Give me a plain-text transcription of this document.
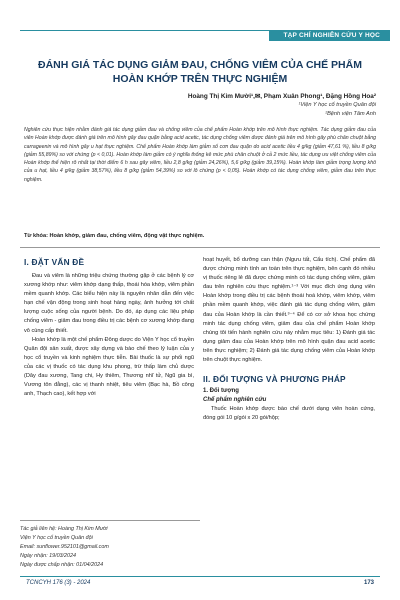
TẠP CHÍ NGHIÊN CỨU Y HỌC
ĐÁNH GIÁ TÁC DỤNG GIẢM ĐAU, CHỐNG VIÊM CỦA CHẾ PHẨM HOÀN KHỚP TRÊN THỰC NGHIỆM
Hoàng Thị Kim Mười¹,✉, Phạm Xuân Phong¹, Đặng Hồng Hoa²
¹Viện Y học cổ truyền Quân đội
²Bệnh viện Tâm Anh
Nghiên cứu thực hiện nhằm đánh giá tác dụng giảm đau và chống viêm của chế phẩm Hoàn khớp trên mô hình thực nghiệm. Tác dụng giảm đau của viên Hoàn khớp được đánh giá trên mô hình gây đau quặn bằng acid acetic, tác dụng chống viêm được đánh giá trên mô hình gây phù chân chuột bằng carrageenin và mô hình gây u hạt thực nghiệm. Chế phẩm Hoàn khớp làm giảm số cơn đau quặn do acid acetic liều 4 g/kg (giảm 47,61 %), liều 8 g/kg (giảm 55,89%) so với chứng (p < 0,01). Hoàn khớp làm giảm có ý nghĩa thống kê mức phù chân chuột ở cả 2 mức liều, tác dụng ưu việt chống viêm của Hoàn khớp thể hiện rõ nhất tại thời điểm 6 h sau gây viêm, liều 2,8 g/kg (giảm 24,26%), 5,6 g/kg (giảm 39,15%). Hoàn khớp làm giảm trọng lượng khô của u hạt, liều 4 g/kg (giảm 38,57%), liều 8 g/kg (giảm 54,39%) so với lô chứng (p < 0,05). Hoàn khớp có tác dụng chống viêm, giảm đau trên thực nghiệm.
Từ khóa: Hoàn khớp, giảm đau, chống viêm, động vật thực nghiệm.
I. ĐẶT VẤN ĐỀ

Đau và viêm là những triệu chứng thường gặp ở các bệnh lý cơ xương khớp như: viêm khớp dạng thấp, thoái hóa khớp, viêm phần mềm quanh khớp. Các biểu hiện này là nguyên nhân dẫn đến việc hạn chế vận động trong sinh hoạt hàng ngày, ảnh hưởng tới chất lượng cuộc sống của người bệnh. Do đó, áp dụng các liệu pháp chống viêm - giảm đau trong điều trị các bệnh cơ xương khớp đang vô cùng cấp thiết.

Hoàn khớp là một chế phẩm Đông dược do Viện Y học cổ truyền Quân đội sản xuất, được xây dựng và bào chế theo lý luận của y học cổ truyền và kinh nghiệm thực tiễn. Bài thuốc là sự phối ngũ của các vị thuốc có tác dụng khu phong, trừ thấp làm chủ dược (Dây đau xương, Tang chi, Hy thiêm, Thương nhĩ tử, Ngũ gia bì, Vương tôn đằng), các vị thanh nhiệt, tiêu viêm (Bạc hà, Bồ công anh, Thạch cao), kết hợp với

hoạt huyết, bổ dưỡng can thận (Ngưu tất, Cẩu tích). Chế phẩm đã được chứng minh tính an toàn trên thực nghiệm, bên cạnh đó nhiều vị thuốc riêng lẻ đã được chứng minh có tác dụng chống viêm, giảm đau trên nghiên cứu thực nghiệm.¹⁻³ Với mục đích ứng dụng viên Hoàn khớp trong điều trị các bệnh thoái hoá khớp, viêm khớp, viêm phần mềm quanh khớp, việc đánh giá tác dụng chống viêm, giảm đau của Hoàn khớp là cần thiết.³⁻⁴ Để có cơ sở khoa học chứng minh tác dụng chống viêm, giảm đau của chế phẩm Hoàn khớp chúng tôi tiến hành nghiên cứu này nhằm mục tiêu: 1) Đánh giá tác dụng giảm đau của Hoàn khớp trên mô hình quặn đau acid acetic trên thực nghiệm; 2) Đánh giá tác dụng chống viêm của Hoàn khớp trên chuột thực nghiệm.

II. ĐỐI TƯỢNG VÀ PHƯƠNG PHÁP
1. Đối tượng
Chế phẩm nghiên cứu

Thuốc Hoàn khớp được bào chế dưới dạng viên hoàn cứng, đóng gói 10 g/gói x 20 gói/hộp;

Tác giả liên hệ: Hoàng Thị Kim Mười
Viện Y học cổ truyền Quân đội
Email: sunflower.952101@gmail.com
Ngày nhận: 19/03/2024
Ngày được chấp nhận: 01/04/2024
TCNCYH 176 (3) - 2024	173
